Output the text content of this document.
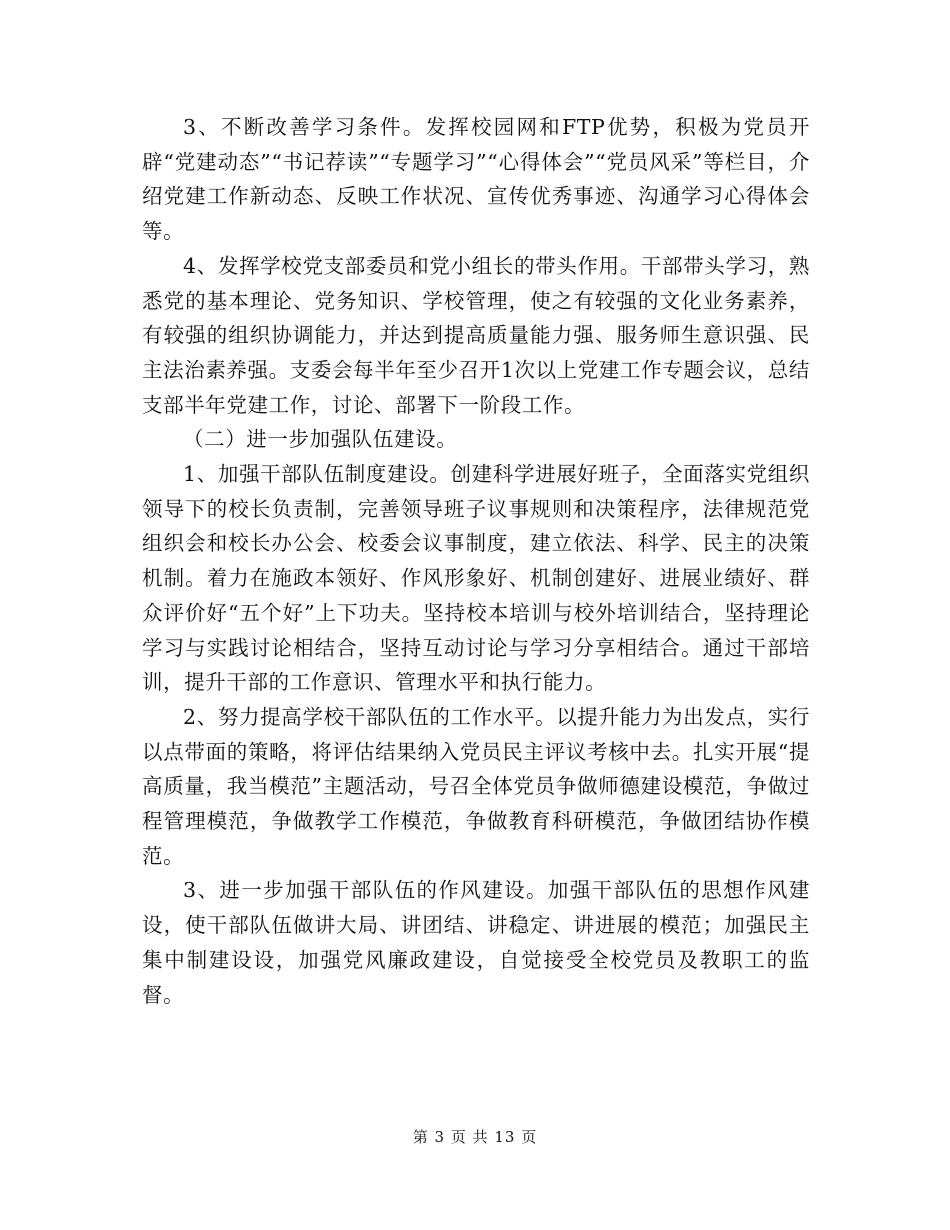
3、不断改善学习条件。发挥校园网和FTP优势，积极为党员开辟“党建动态”“书记荐读”“专题学习”“心得体会”“党员风采”等栏目，介绍党建工作新动态、反映工作状况、宣传优秀事迹、沟通学习心得体会等。

4、发挥学校党支部委员和党小组长的带头作用。干部带头学习，熟悉党的基本理论、党务知识、学校管理，使之有较强的文化业务素养，有较强的组织协调能力，并达到提高质量能力强、服务师生意识强、民主法治素养强。支委会每半年至少召开1次以上党建工作专题会议，总结支部半年党建工作，讨论、部署下一阶段工作。

（二）进一步加强队伍建设。

1、加强干部队伍制度建设。创建科学进展好班子，全面落实党组织领导下的校长负责制，完善领导班子议事规则和决策程序，法律规范党组织会和校长办公会、校委会议事制度，建立依法、科学、民主的决策机制。着力在施政本领好、作风形象好、机制创建好、进展业绩好、群众评价好“五个好”上下功夫。坚持校本培训与校外培训结合，坚持理论学习与实践讨论相结合，坚持互动讨论与学习分享相结合。通过干部培训，提升干部的工作意识、管理水平和执行能力。

2、努力提高学校干部队伍的工作水平。以提升能力为出发点，实行以点带面的策略，将评估结果纳入党员民主评议考核中去。扎实开展“提高质量，我当模范”主题活动，号召全体党员争做师德建设模范，争做过程管理模范，争做教学工作模范，争做教育科研模范，争做团结协作模范。

3、进一步加强干部队伍的作风建设。加强干部队伍的思想作风建设，使干部队伍做讲大局、讲团结、讲稳定、讲进展的模范；加强民主集中制建设设，加强党风廉政建设，自觉接受全校党员及教职工的监督。

第 3 页 共 13 页
